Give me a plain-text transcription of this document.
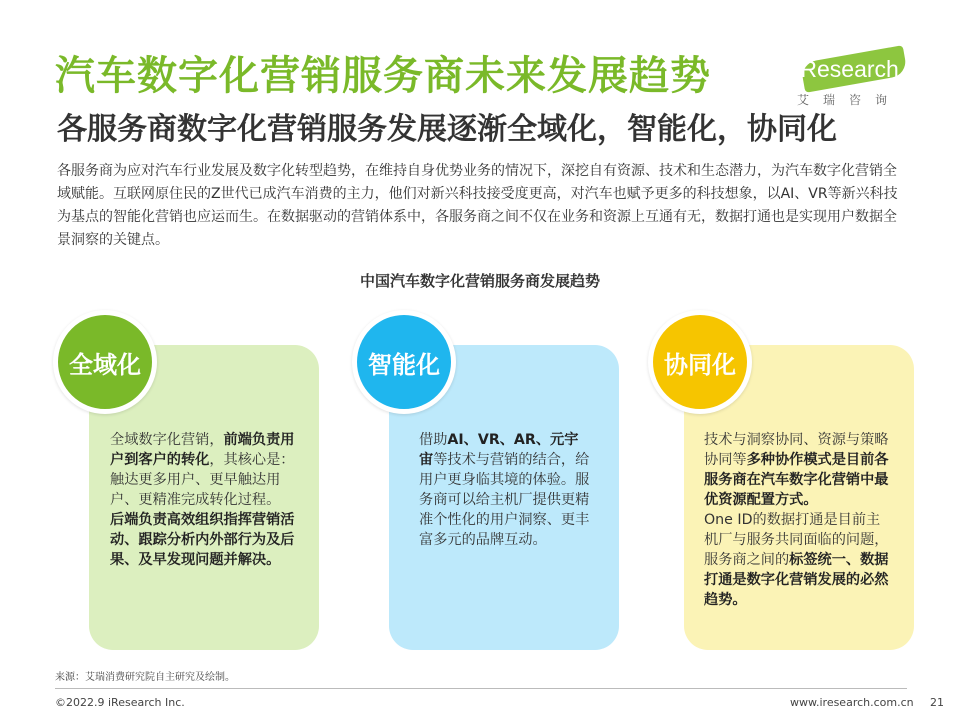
汽车数字化营销服务商未来发展趋势
各服务商数字化营销服务发展逐渐全域化，智能化，协同化
iResearch
艾瑞咨询

各服务商为应对汽车行业发展及数字化转型趋势，在维持自身优势业务的情况下，深挖自有资源、技术和生态潜力，为汽车数字化营销全域赋能。互联网原住民的Z世代已成汽车消费的主力，他们对新兴科技接受度更高，对汽车也赋予更多的科技想象，以AI、VR等新兴科技为基点的智能化营销也应运而生。在数据驱动的营销体系中，各服务商之间不仅在业务和资源上互通有无，数据打通也是实现用户数据全景洞察的关键点。

中国汽车数字化营销服务商发展趋势

全域化	智能化	协同化

全域数字化营销，前端负责用户到客户的转化，其核心是：触达更多用户、更早触达用户、更精准完成转化过程。
后端负责高效组织指挥营销活动、跟踪分析内外部行为及后果、及早发现问题并解决。

借助AI、VR、AR、元宇宙等技术与营销的结合，给用户更身临其境的体验。服务商可以给主机厂提供更精准个性化的用户洞察、更丰富多元的品牌互动。

技术与洞察协同、资源与策略协同等多种协作模式是目前各服务商在汽车数字化营销中最优资源配置方式。
One ID的数据打通是目前主机厂与服务共同面临的问题，服务商之间的标签统一、数据打通是数字化营销发展的必然趋势。

来源：艾瑞消费研究院自主研究及绘制。

©2022.9 iResearch Inc.	www.iresearch.com.cn 21
